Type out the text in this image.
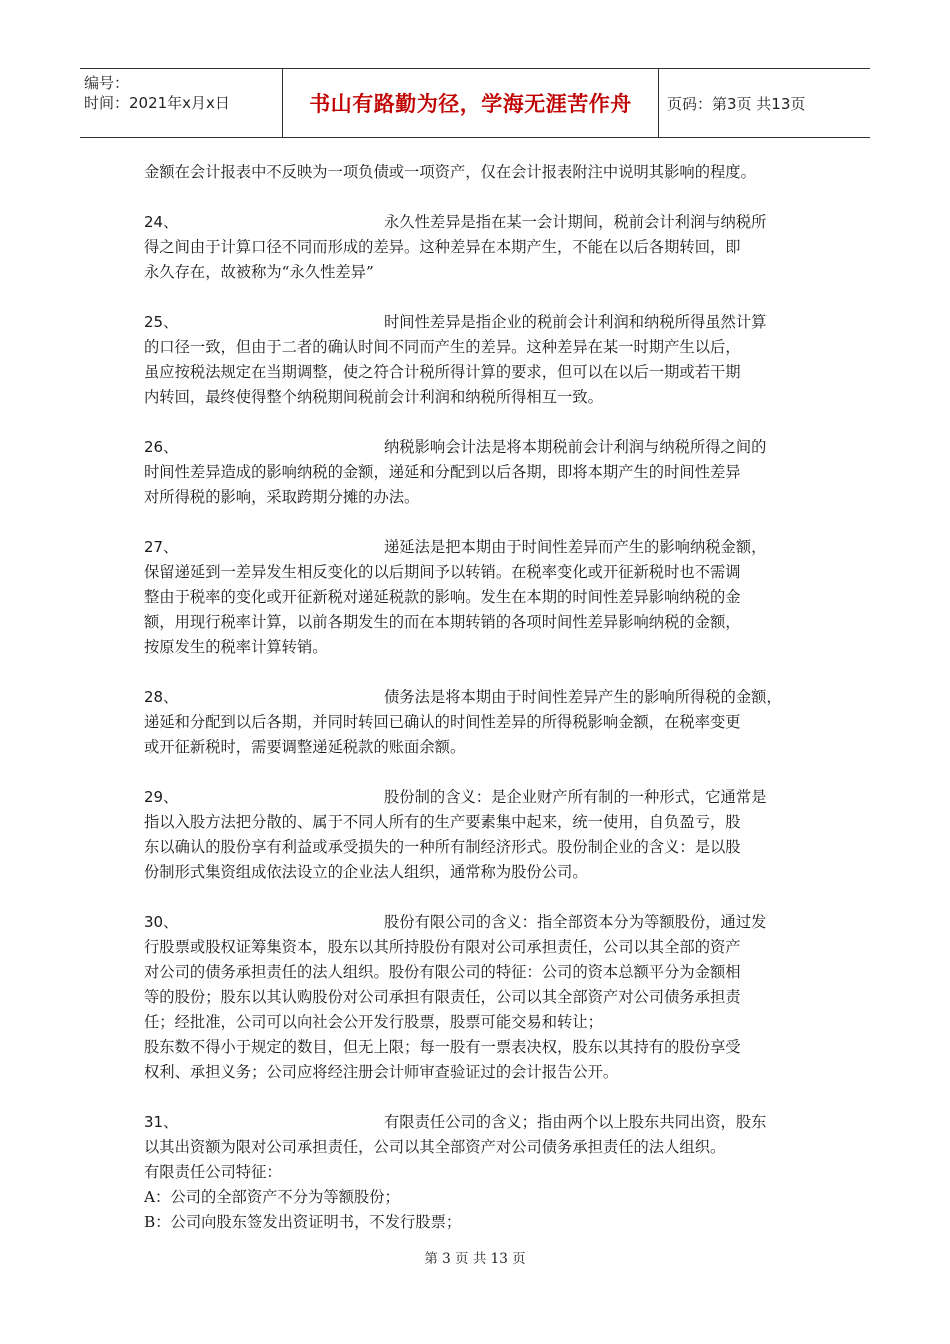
编号：
时间：2021年x月x日	书山有路勤为径，学海无涯苦作舟 页码：第3页 共13页

金额在会计报表中不反映为一项负债或一项资产，仅在会计报表附注中说明其影响的程度。

24、	永久性差异是指在某一会计期间，税前会计利润与纳税所

得之间由于计算口径不同而形成的差异。这种差异在本期产生，不能在以后各期转回，即

永久存在，故被称为“永久性差异”

25、	时间性差异是指企业的税前会计利润和纳税所得虽然计算

的口径一致，但由于二者的确认时间不同而产生的差异。这种差异在某一时期产生以后，

虽应按税法规定在当期调整，使之符合计税所得计算的要求，但可以在以后一期或若干期

内转回，最终使得整个纳税期间税前会计利润和纳税所得相互一致。

26、	纳税影响会计法是将本期税前会计利润与纳税所得之间的

时间性差异造成的影响纳税的金额，递延和分配到以后各期，即将本期产生的时间性差异

对所得税的影响，采取跨期分摊的办法。

27、	递延法是把本期由于时间性差异而产生的影响纳税金额，

保留递延到一差异发生相反变化的以后期间予以转销。在税率变化或开征新税时也不需调

整由于税率的变化或开征新税对递延税款的影响。发生在本期的时间性差异影响纳税的金

额，用现行税率计算，以前各期发生的而在本期转销的各项时间性差异影响纳税的金额，

按原发生的税率计算转销。

28、	债务法是将本期由于时间性差异产生的影响所得税的金额，

递延和分配到以后各期，并同时转回已确认的时间性差异的所得税影响金额，在税率变更

或开征新税时，需要调整递延税款的账面余额。

29、	股份制的含义：是企业财产所有制的一种形式，它通常是

指以入股方法把分散的、属于不同人所有的生产要素集中起来，统一使用，自负盈亏，股

东以确认的股份享有利益或承受损失的一种所有制经济形式。股份制企业的含义：是以股

份制形式集资组成依法设立的企业法人组织，通常称为股份公司。

30、	股份有限公司的含义：指全部资本分为等额股份，通过发

行股票或股权证筹集资本，股东以其所持股份有限对公司承担责任，公司以其全部的资产

对公司的债务承担责任的法人组织。股份有限公司的特征：公司的资本总额平分为金额相

等的股份；股东以其认购股份对公司承担有限责任，公司以其全部资产对公司债务承担责

任；经批准，公司可以向社会公开发行股票，股票可能交易和转让；

股东数不得小于规定的数目，但无上限；每一股有一票表决权，股东以其持有的股份享受

权利、承担义务；公司应将经注册会计师审查验证过的会计报告公开。

31、	有限责任公司的含义；指由两个以上股东共同出资，股东

以其出资额为限对公司承担责任，公司以其全部资产对公司债务承担责任的法人组织。

有限责任公司特征：

A：公司的全部资产不分为等额股份；

B：公司向股东签发出资证明书，不发行股票；

第 3 页 共 13 页
